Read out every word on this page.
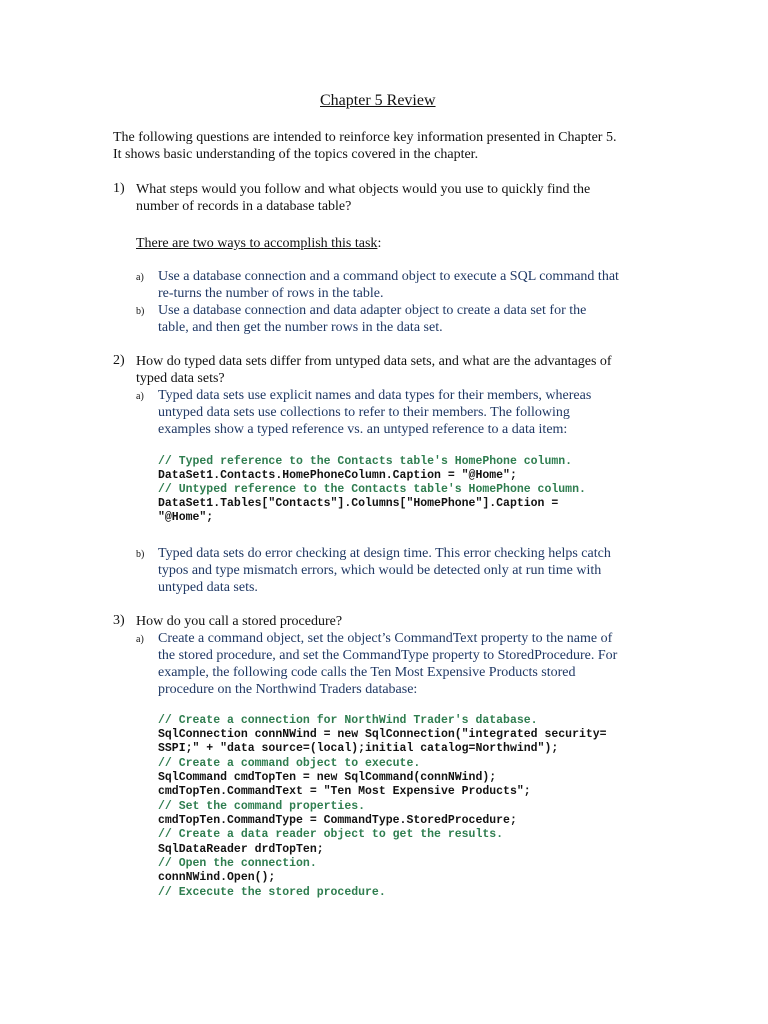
Chapter 5 Review
The following questions are intended to reinforce key information presented in Chapter 5.
It shows basic understanding of the topics covered in the chapter.
1) What steps would you follow and what objects would you use to quickly find the
number of records in a database table?
There are two ways to accomplish this task:
a) Use a database connection and a command object to execute a SQL command that
re-turns the number of rows in the table.
b) Use a database connection and data adapter object to create a data set for the
table, and then get the number rows in the data set.
2) How do typed data sets differ from untyped data sets, and what are the advantages of
typed data sets?
a) Typed data sets use explicit names and data types for their members, whereas
untyped data sets use collections to refer to their members. The following
examples show a typed reference vs. an untyped reference to a data item:
// Typed reference to the Contacts table's HomePhone column.
DataSet1.Contacts.HomePhoneColumn.Caption = "@Home";
// Untyped reference to the Contacts table's HomePhone column.
DataSet1.Tables["Contacts"].Columns["HomePhone"].Caption =
"@Home";
b) Typed data sets do error checking at design time. This error checking helps catch
typos and type mismatch errors, which would be detected only at run time with
untyped data sets.
3) How do you call a stored procedure?
a) Create a command object, set the object’s CommandText property to the name of
the stored procedure, and set the CommandType property to StoredProcedure. For
example, the following code calls the Ten Most Expensive Products stored
procedure on the Northwind Traders database:
// Create a connection for NorthWind Trader's database.
SqlConnection connNWind = new SqlConnection("integrated security=
SSPI;" + "data source=(local);initial catalog=Northwind");
// Create a command object to execute.
SqlCommand cmdTopTen = new SqlCommand(connNWind);
cmdTopTen.CommandText = "Ten Most Expensive Products";
// Set the command properties.
cmdTopTen.CommandType = CommandType.StoredProcedure;
// Create a data reader object to get the results.
SqlDataReader drdTopTen;
// Open the connection.
connNWind.Open();
// Excecute the stored procedure.
